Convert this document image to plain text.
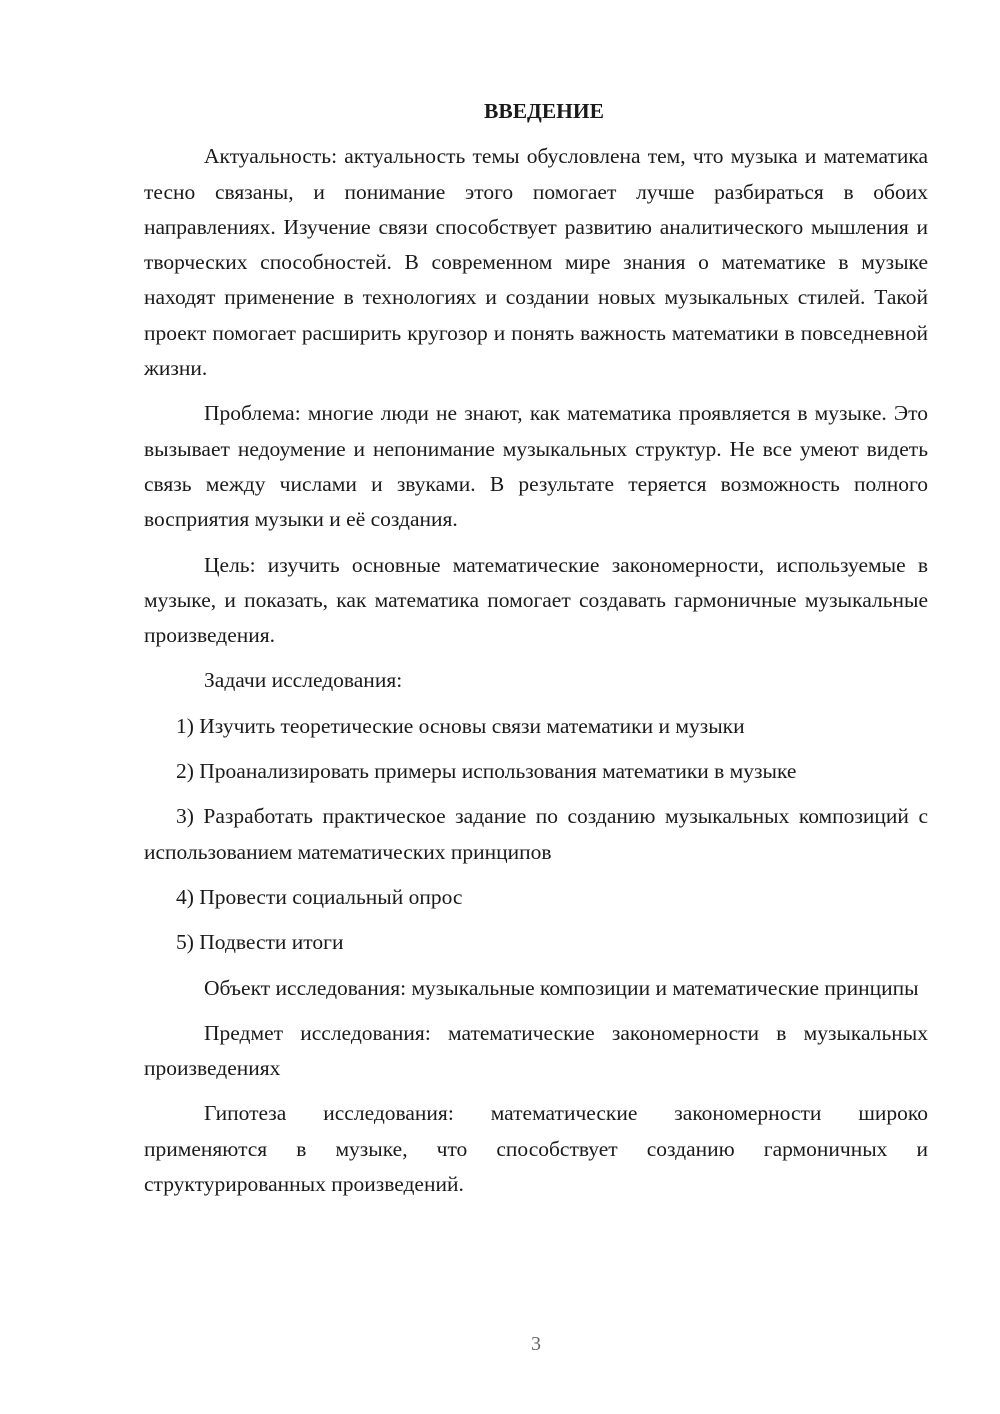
ВВЕДЕНИЕ

Актуальность: актуальность темы обусловлена тем, что музыка и математика тесно связаны, и понимание этого помогает лучше разбираться в обоих направлениях. Изучение связи способствует развитию аналитического мышления и творческих способностей. В современном мире знания о математике в музыке находят применение в технологиях и создании новых музыкальных стилей. Такой проект помогает расширить кругозор и понять важность математики в повседневной жизни.

Проблема: многие люди не знают, как математика проявляется в музыке. Это вызывает недоумение и непонимание музыкальных структур. Не все умеют видеть связь между числами и звуками. В результате теряется возможность полного восприятия музыки и её создания.

Цель: изучить основные математические закономерности, используемые в музыке, и показать, как математика помогает создавать гармоничные музыкальные произведения.

Задачи исследования:

1) Изучить теоретические основы связи математики и музыки

2) Проанализировать примеры использования математики в музыке

3) Разработать практическое задание по созданию музыкальных композиций с использованием математических принципов

4) Провести социальный опрос

5) Подвести итоги

Объект исследования: музыкальные композиции и математические принципы

Предмет исследования: математические закономерности в музыкальных произведениях

Гипотеза исследования: математические закономерности широко применяются в музыке, что способствует созданию гармоничных и структурированных произведений.

3
